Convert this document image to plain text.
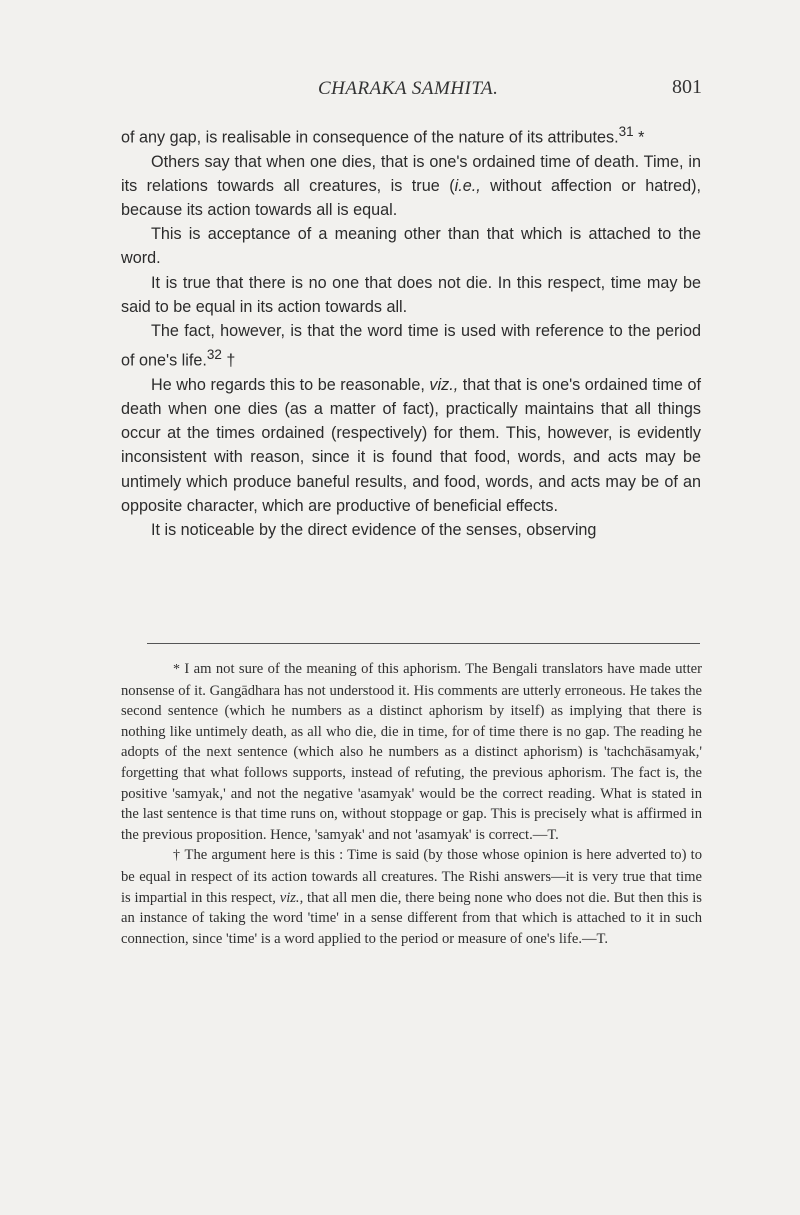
CHARAKA SAMHITA.	801

of any gap, is realisable in consequence of the nature of its attributes.$^{31}$ *

Others say that when one dies, that is one's ordained time of death. Time, in its relations towards all creatures, is true (i.e., without affection or hatred), because its action towards all is equal.

This is acceptance of a meaning other than that which is attached to the word.

It is true that there is no one that does not die. In this respect, time may be said to be equal in its action towards all.

The fact, however, is that the word time is used with reference to the period of one's life.$^{32}$ †

He who regards this to be reasonable, viz., that that is one's ordained time of death when one dies (as a matter of fact), practically maintains that all things occur at the times ordained (respectively) for them. This, however, is evidently inconsistent with reason, since it is found that food, words, and acts may be untimely which produce baneful results, and food, words, and acts may be of an opposite character, which are productive of beneficial effects.

It is noticeable by the direct evidence of the senses, observing

* I am not sure of the meaning of this aphorism. The Bengali translators have made utter nonsense of it. Gangādhara has not understood it. His comments are utterly erroneous. He takes the second sentence (which he numbers as a distinct aphorism by itself) as implying that there is nothing like untimely death, as all who die, die in time, for of time there is no gap. The reading he adopts of the next sentence (which also he numbers as a distinct aphorism) is 'tachchāsamyak,' forgetting that what follows supports, instead of refuting, the previous aphorism. The fact is, the positive 'samyak,' and not the negative 'asamyak' would be the correct reading. What is stated in the last sentence is that time runs on, without stoppage or gap. This is precisely what is affirmed in the previous proposition. Hence, 'samyak' and not 'asamyak' is correct.—T.

† The argument here is this : Time is said (by those whose opinion is here adverted to) to be equal in respect of its action towards all creatures. The Rishi answers—it is very true that time is impartial in this respect, viz., that all men die, there being none who does not die. But then this is an instance of taking the word 'time' in a sense different from that which is attached to it in such connection, since 'time' is a word applied to the period or measure of one's life.—T.
